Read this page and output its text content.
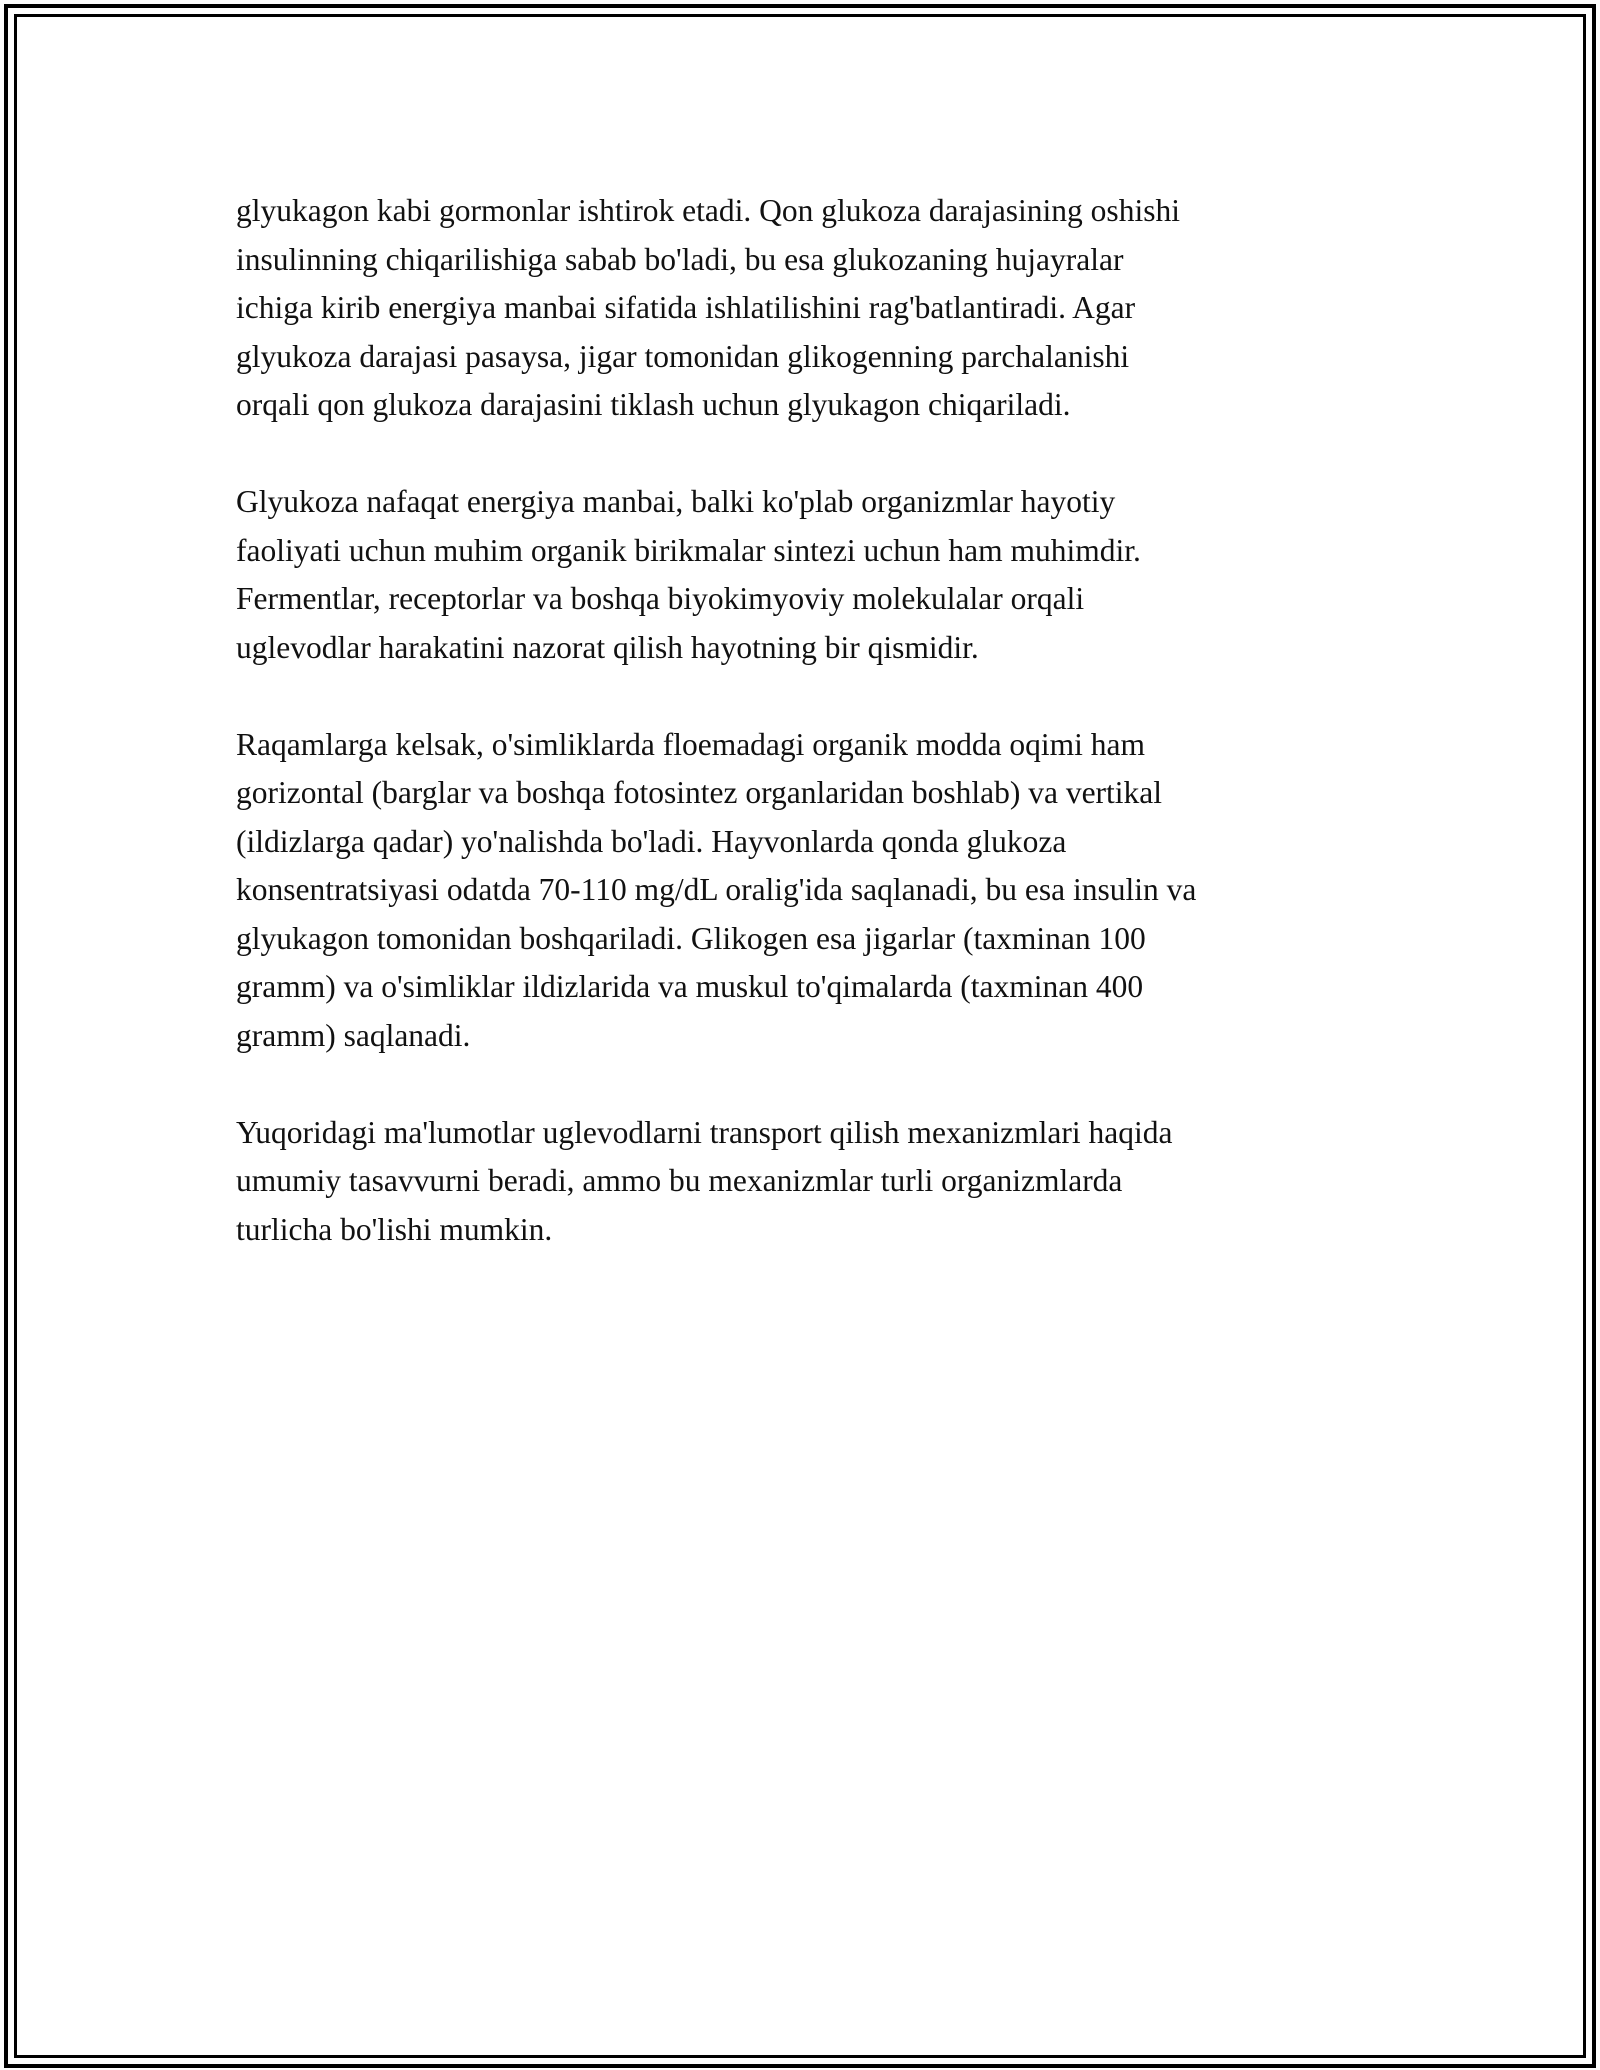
glyukagon kabi gormonlar ishtirok etadi. Qon glukoza darajasining oshishi
insulinning chiqarilishiga sabab bo'ladi, bu esa glukozaning hujayralar
ichiga kirib energiya manbai sifatida ishlatilishini rag'batlantiradi. Agar
glyukoza darajasi pasaysa, jigar tomonidan glikogenning parchalanishi
orqali qon glukoza darajasini tiklash uchun glyukagon chiqariladi.

Glyukoza nafaqat energiya manbai, balki ko'plab organizmlar hayotiy
faoliyati uchun muhim organik birikmalar sintezi uchun ham muhimdir.
Fermentlar, receptorlar va boshqa biyokimyoviy molekulalar orqali
uglevodlar harakatini nazorat qilish hayotning bir qismidir.

Raqamlarga kelsak, o'simliklarda floemadagi organik modda oqimi ham
gorizontal (barglar va boshqa fotosintez organlaridan boshlab) va vertikal
(ildizlarga qadar) yo'nalishda bo'ladi. Hayvonlarda qonda glukoza
konsentratsiyasi odatda 70-110 mg/dL oralig'ida saqlanadi, bu esa insulin va
glyukagon tomonidan boshqariladi. Glikogen esa jigarlar (taxminan 100
gramm) va o'simliklar ildizlarida va muskul to'qimalarda (taxminan 400
gramm) saqlanadi.

Yuqoridagi ma'lumotlar uglevodlarni transport qilish mexanizmlari haqida
umumiy tasavvurni beradi, ammo bu mexanizmlar turli organizmlarda
turlicha bo'lishi mumkin.
